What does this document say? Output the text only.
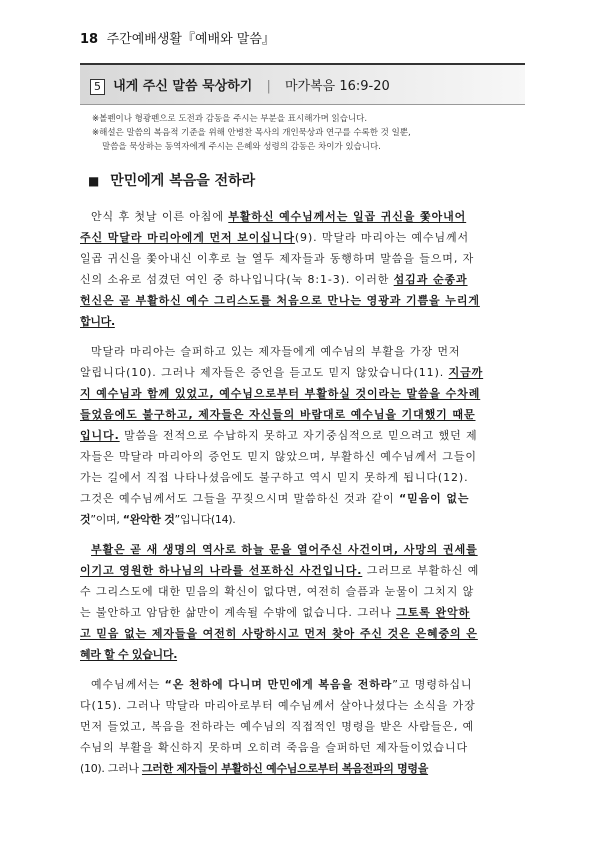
18 주간예배생활『예배와 말씀』
5 내게 주신 말씀 묵상하기 | 마가복음 16:9-20

※볼펜이나 형광펜으로 도전과 감동을 주시는 부분을 표시해가며 읽습니다.

※해설은 말씀의 복음적 기준을 위해 안병찬 목사의 개인묵상과 연구를 수록한 것 일뿐,

말씀을 묵상하는 동역자에게 주시는 은혜와 성령의 감동은 차이가 있습니다.

■ 만민에게 복음을 전하라
안식 후 첫날 이른 아침에 부활하신 예수님께서는 일곱 귀신을 쫓아내어
주신 막달라 마리아에게 먼저 보이십니다(9). 막달라 마리아는 예수님께서
일곱 귀신을 쫓아내신 이후로 늘 열두 제자들과 동행하며 말씀을 들으며, 자
신의 소유로 섬겼던 여인 중 하나입니다(눅 8:1-3). 이러한 섬김과 순종과
헌신은 곧 부활하신 예수 그리스도를 처음으로 만나는 영광과 기쁨을 누리게
합니다.
막달라 마리아는 슬퍼하고 있는 제자들에게 예수님의 부활을 가장 먼저
알립니다(10). 그러나 제자들은 증언을 듣고도 믿지 않았습니다(11). 지금까
지 예수님과 함께 있었고, 예수님으로부터 부활하실 것이라는 말씀을 수차례
들었음에도 불구하고, 제자들은 자신들의 바람대로 예수님을 기대했기 때문
입니다. 말씀을 전적으로 수납하지 못하고 자기중심적으로 믿으려고 했던 제
자들은 막달라 마리아의 증언도 믿지 않았으며, 부활하신 예수님께서 그들이
가는 길에서 직접 나타나셨음에도 불구하고 역시 믿지 못하게 됩니다(12).
그것은 예수님께서도 그들을 꾸짖으시며 말씀하신 것과 같이 “믿음이 없는
것”이며, “완악한 것”입니다(14).
부활은 곧 새 생명의 역사로 하늘 문을 열어주신 사건이며, 사망의 권세를
이기고 영원한 하나님의 나라를 선포하신 사건입니다. 그러므로 부활하신 예
수 그리스도에 대한 믿음의 확신이 없다면, 여전히 슬픔과 눈물이 그치지 않
는 불안하고 암담한 삶만이 계속될 수밖에 없습니다. 그러나 그토록 완악하
고 믿음 없는 제자들을 여전히 사랑하시고 먼저 찾아 주신 것은 은혜중의 은
혜라 할 수 있습니다.
예수님께서는 “온 천하에 다니며 만민에게 복음을 전하라”고 명령하십니
다(15). 그러나 막달라 마리아로부터 예수님께서 살아나셨다는 소식을 가장
먼저 들었고, 복음을 전하라는 예수님의 직접적인 명령을 받은 사람들은, 예
수님의 부활을 확신하지 못하며 오히려 죽음을 슬퍼하던 제자들이었습니다
(10). 그러나 그러한 제자들이 부활하신 예수님으로부터 복음전파의 명령을
